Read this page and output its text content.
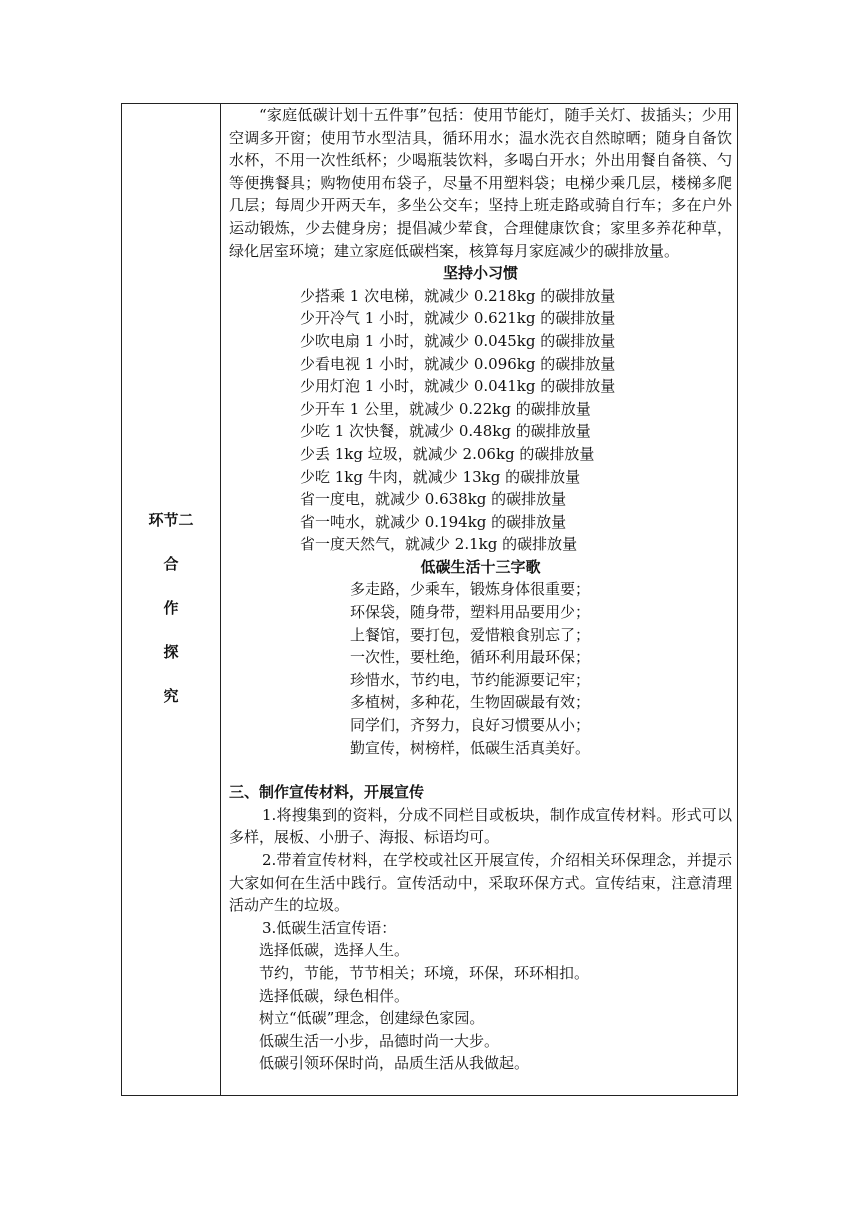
环节二
合
作
探
究

“家庭低碳计划十五件事”包括：使用节能灯，随手关灯、拔插头；少用空调多开窗；使用节水型洁具，循环用水；温水洗衣自然晾晒；随身自备饮水杯，不用一次性纸杯；少喝瓶装饮料，多喝白开水；外出用餐自备筷、勺等便携餐具；购物使用布袋子，尽量不用塑料袋；电梯少乘几层，楼梯多爬几层；每周少开两天车，多坐公交车；坚持上班走路或骑自行车；多在户外运动锻炼，少去健身房；提倡减少荤食，合理健康饮食；家里多养花种草，绿化居室环境；建立家庭低碳档案，核算每月家庭减少的碳排放量。

坚持小习惯
少搭乘 1 次电梯，就减少 0.218kg 的碳排放量
少开冷气 1 小时，就减少 0.621kg 的碳排放量
少吹电扇 1 小时，就减少 0.045kg 的碳排放量
少看电视 1 小时，就减少 0.096kg 的碳排放量
少用灯泡 1 小时，就减少 0.041kg 的碳排放量
少开车 1 公里，就减少 0.22kg 的碳排放量
少吃 1 次快餐，就减少 0.48kg 的碳排放量
少丢 1kg 垃圾，就减少 2.06kg 的碳排放量
少吃 1kg 牛肉，就减少 13kg 的碳排放量
省一度电，就减少 0.638kg 的碳排放量
省一吨水，就减少 0.194kg 的碳排放量
省一度天然气，就减少 2.1kg 的碳排放量
低碳生活十三字歌
多走路，少乘车，锻炼身体很重要；
环保袋，随身带，塑料用品要用少；
上餐馆，要打包，爱惜粮食别忘了；
一次性，要杜绝，循环利用最环保；
珍惜水，节约电，节约能源要记牢；
多植树，多种花，生物固碳最有效；
同学们，齐努力，良好习惯要从小；
勤宣传，树榜样，低碳生活真美好。
三、制作宣传材料，开展宣传

1.将搜集到的资料，分成不同栏目或板块，制作成宣传材料。形式可以多样，展板、小册子、海报、标语均可。

2.带着宣传材料，在学校或社区开展宣传，介绍相关环保理念，并提示大家如何在生活中践行。宣传活动中，采取环保方式。宣传结束，注意清理活动产生的垃圾。

3.低碳生活宣传语：
选择低碳，选择人生。
节约，节能，节节相关；环境，环保，环环相扣。
选择低碳，绿色相伴。
树立“低碳”理念，创建绿色家园。
低碳生活一小步，品德时尚一大步。
低碳引领环保时尚，品质生活从我做起。
